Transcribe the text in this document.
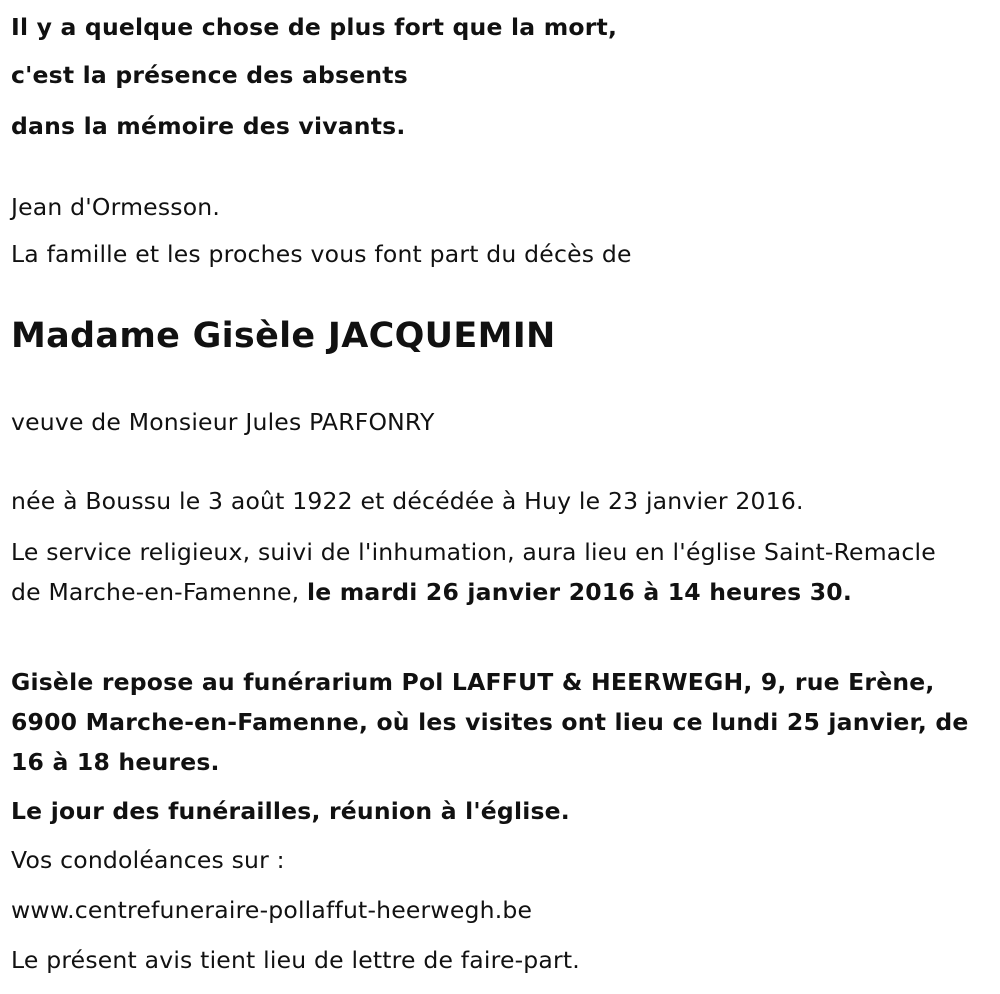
Il y a quelque chose de plus fort que la mort,

c'est la présence des absents

dans la mémoire des vivants.

Jean d'Ormesson.

La famille et les proches vous font part du décès de

Madame Gisèle JACQUEMIN

veuve de Monsieur Jules PARFONRY

née à Boussu le 3 août 1922 et décédée à Huy le 23 janvier 2016.

Le service religieux, suivi de l'inhumation, aura lieu en l'église Saint-Remacle de Marche-en-Famenne, le mardi 26 janvier 2016 à 14 heures 30.

Gisèle repose au funérarium Pol LAFFUT & HEERWEGH, 9, rue Erène, 6900 Marche-en-Famenne, où les visites ont lieu ce lundi 25 janvier, de 16 à 18 heures.

Le jour des funérailles, réunion à l'église.

Vos condoléances sur :

www.centrefuneraire-pollaffut-heerwegh.be

Le présent avis tient lieu de lettre de faire-part.
